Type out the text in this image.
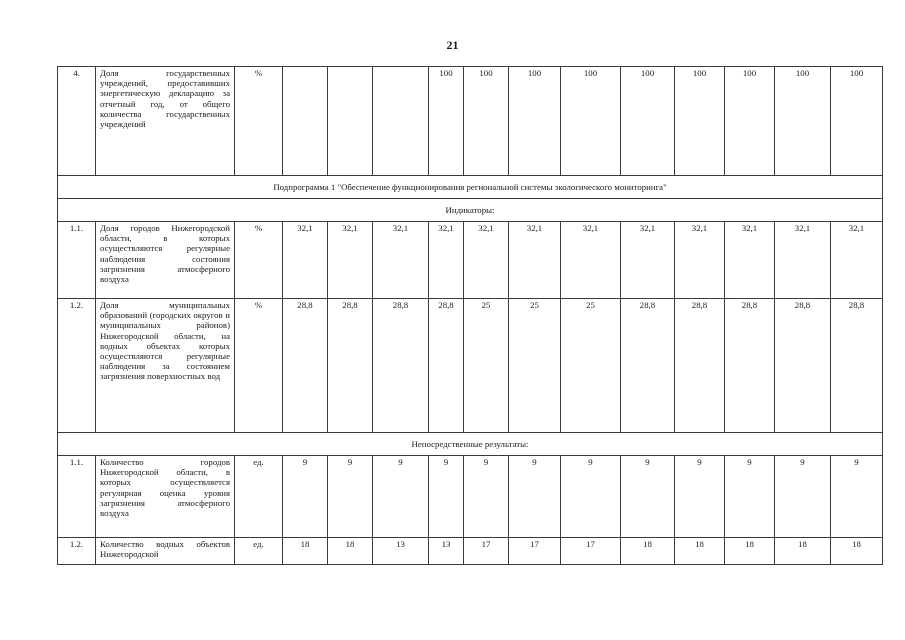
21
4.	Доля государственных учреждений, предоставивших энергетическую декларацию за отчетный год, от общего количества государственных учреждений	%				100	100	100	100	100	100	100	100	100
Подпрограмма 1 "Обеспечение функционирования региональной системы экологического мониторинга"														
Индикаторы:														
1.1.	Доля городов Нижегородской области, в которых осуществляются регулярные наблюдения состояния загрязнения атмосферного воздуха	%	32,1	32,1	32,1	32,1	32,1	32,1	32,1	32,1	32,1	32,1	32,1	32,1
1.2.	Доля муниципальных образований (городских округов и муниципальных районов) Нижегородской области, на водных объектах которых осуществляются регулярные наблюдения за состоянием загрязнения поверхностных вод	%	28,8	28,8	28,8	28,8	25	25	25	28,8	28,8	28,8	28,8	28,8
Непосредственные результаты:														
1.1.	Количество городов Нижегородской области, в которых осуществляется регулярная оценка уровня загрязнения атмосферного воздуха	ед.	9	9	9	9	9	9	9	9	9	9	9	9
1.2.	Количество водных объектов Нижегородской	ед.	18	18	13	13	17	17	17	18	18	18	18	18
